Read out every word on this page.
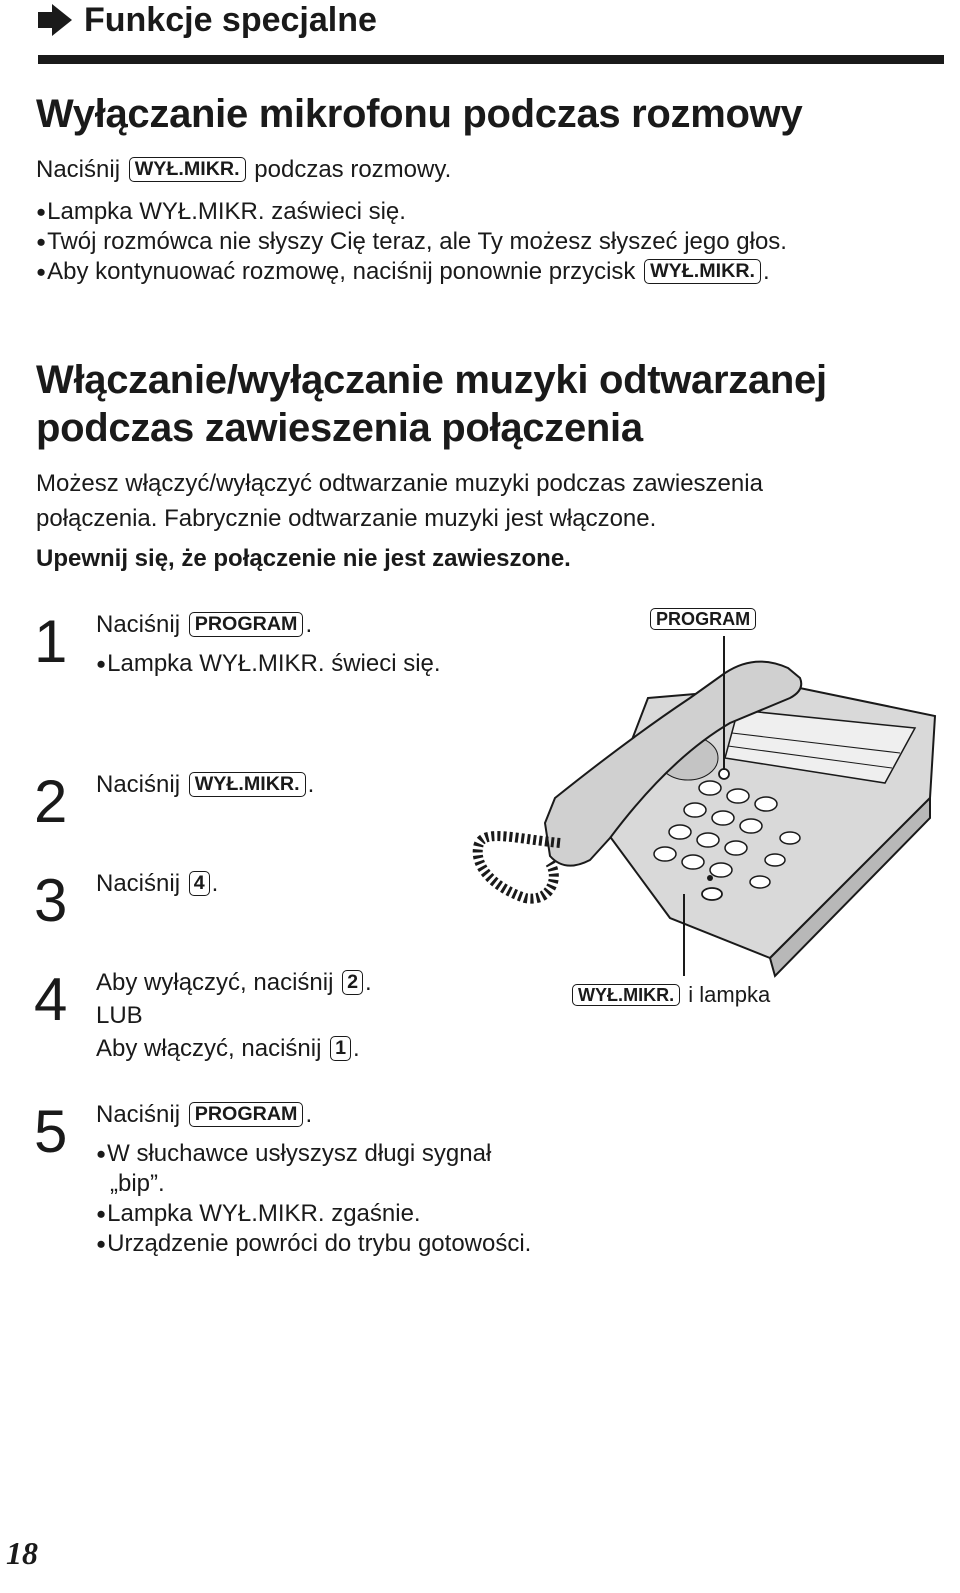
Funkcje specjalne
Wyłączanie mikrofonu podczas rozmowy
Naciśnij WYŁ.MIKR. podczas rozmowy.
● Lampka WYŁ.MIKR. zaświeci się.
● Twój rozmówca nie słyszy Cię teraz, ale Ty możesz słyszeć jego głos.
● Aby kontynuować rozmowę, naciśnij ponownie przycisk WYŁ.MIKR. .
Włączanie/wyłączanie muzyki odtwarzanej
podczas zawieszenia połączenia
Możesz włączyć/wyłączyć odtwarzanie muzyki podczas zawieszenia
połączenia. Fabrycznie odtwarzanie muzyki jest włączone.
Upewnij się, że połączenie nie jest zawieszone.
1 Naciśnij PROGRAM .
● Lampka WYŁ.MIKR. świeci się.
2 Naciśnij WYŁ.MIKR. .
3 Naciśnij 4 .
4 Aby wyłączyć, naciśnij 2 .
LUB
Aby włączyć, naciśnij 1 .
5 Naciśnij PROGRAM .
● W słuchawce usłyszysz długi sygnał
„bip”.
● Lampka WYŁ.MIKR. zgaśnie.
● Urządzenie powróci do trybu gotowości.
PROGRAM
WYŁ.MIKR. i lampka
18
